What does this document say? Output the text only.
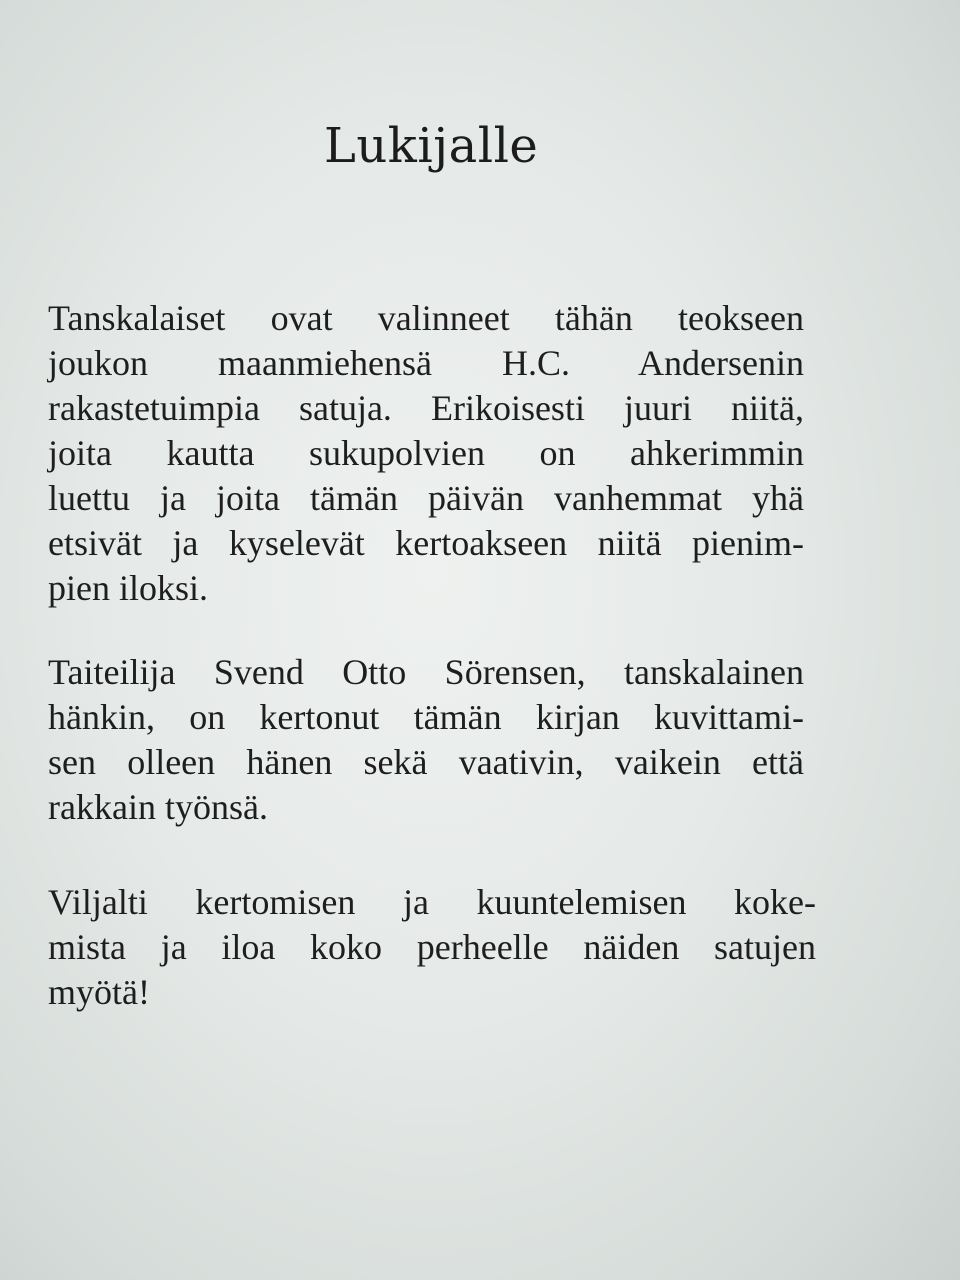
Lukijalle

Tanskalaiset ovat valinneet tähän teokseen
joukon maanmiehensä H.C. Andersenin
rakastetuimpia satuja. Erikoisesti juuri niitä,
joita kautta sukupolvien on ahkerimmin
luettu ja joita tämän päivän vanhemmat yhä
etsivät ja kyselevät kertoakseen niitä pienim-
pien iloksi.

Taiteilija Svend Otto Sörensen, tanskalainen
hänkin, on kertonut tämän kirjan kuvittami-
sen olleen hänen sekä vaativin, vaikein että
rakkain työnsä.

Viljalti kertomisen ja kuuntelemisen koke-
mista ja iloa koko perheelle näiden satujen
myötä!
